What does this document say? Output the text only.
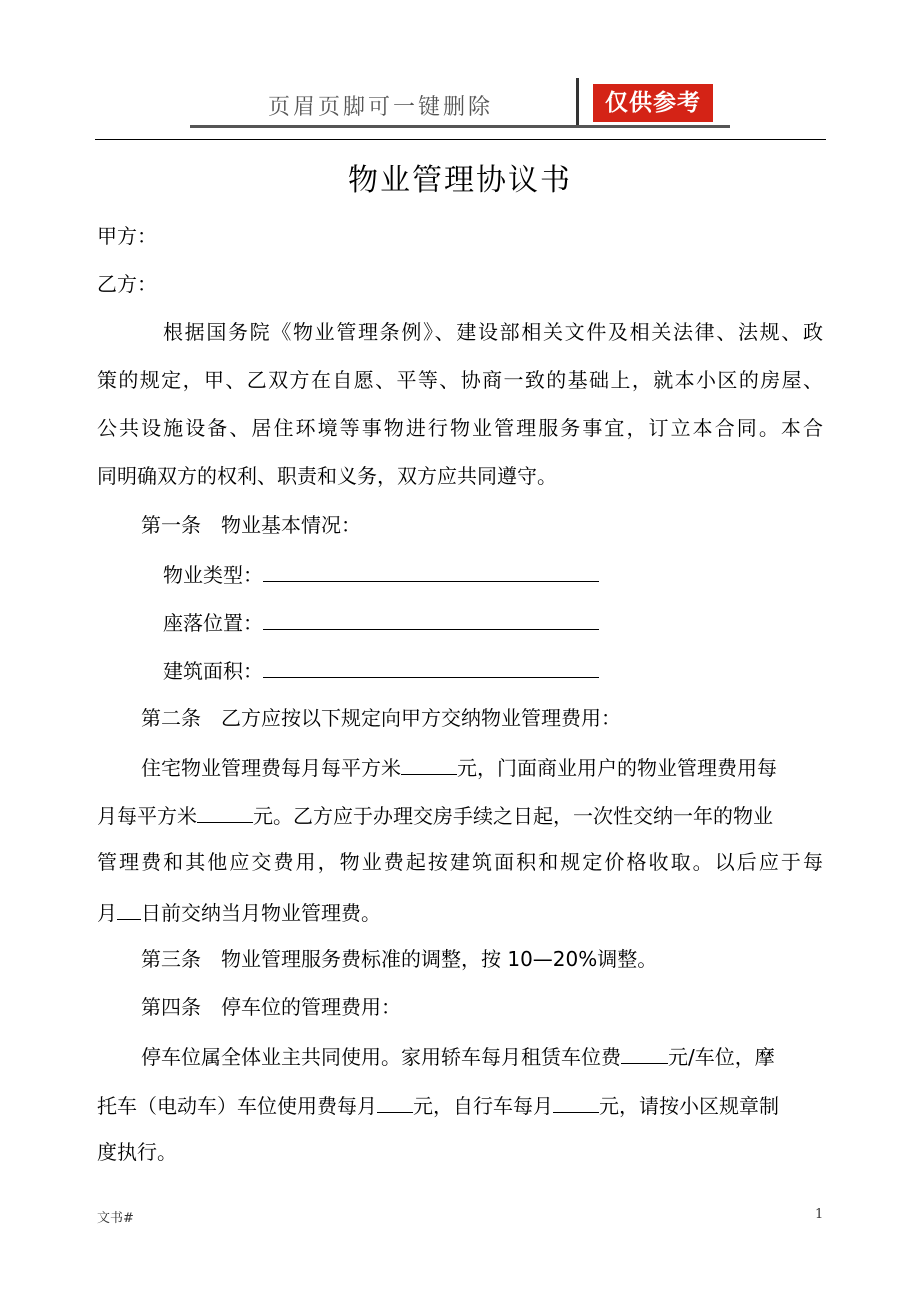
页眉页脚可一键删除	仅供参考
物业管理协议书
甲方：
乙方：
根据国务院《物业管理条例》、建设部相关文件及相关法律、法规、政
策的规定，甲、乙双方在自愿、平等、协商一致的基础上，就本小区的房屋、
公共设施设备、居住环境等事物进行物业管理服务事宜，订立本合同。本合
同明确双方的权利、职责和义务，双方应共同遵守。
第一条　物业基本情况：
物业类型：
座落位置：
建筑面积：
第二条　乙方应按以下规定向甲方交纳物业管理费用：
住宅物业管理费每月每平方米	元，门面商业用户的物业管理费用每
月每平方米	元。乙方应于办理交房手续之日起，一次性交纳一年的物业
管理费和其他应交费用，物业费起按建筑面积和规定价格收取。以后应于每
月 日前交纳当月物业管理费。
第三条　物业管理服务费标准的调整，按 10—20%调整。
第四条　停车位的管理费用：
停车位属全体业主共同使用。家用轿车每月租赁车位费 元/车位，摩
托车（电动车）车位使用费每月 元，自行车每月 元，请按小区规章制
度执行。
文书#	1
